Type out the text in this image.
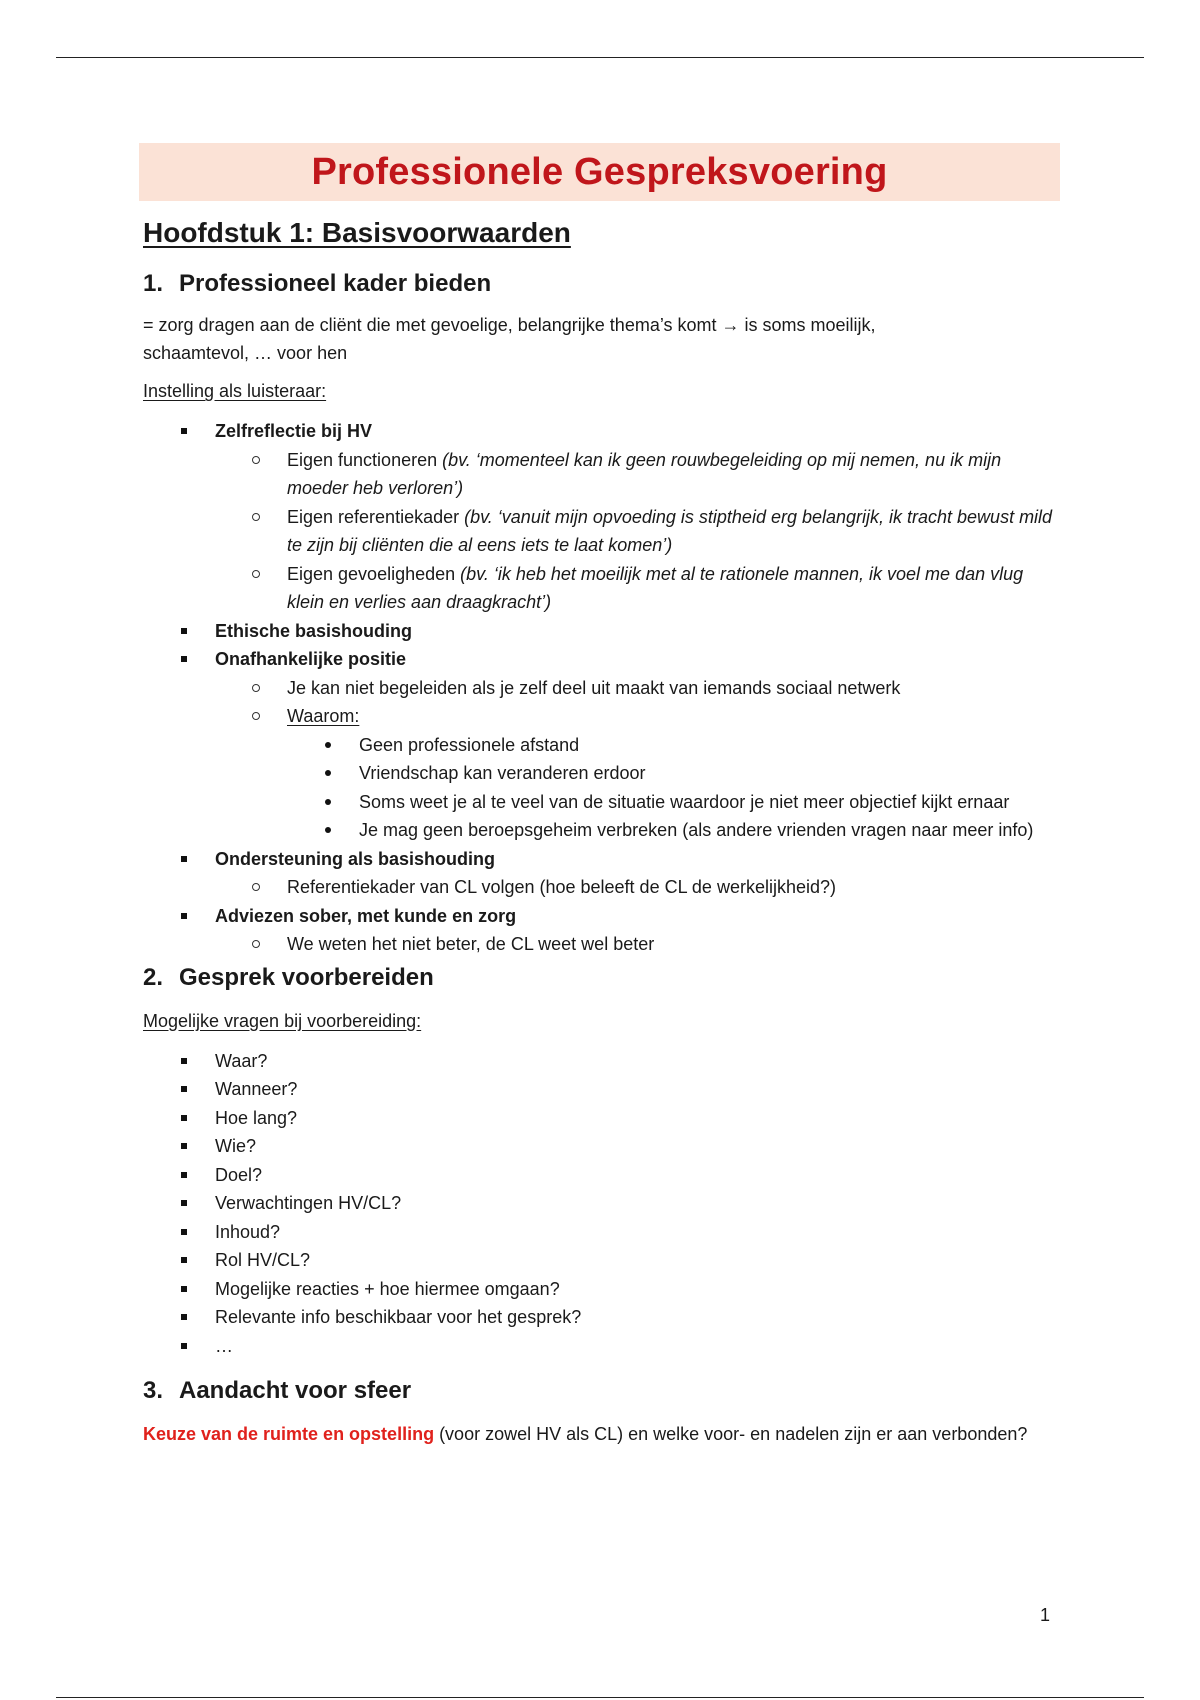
Professionele Gespreksvoering
Hoofdstuk 1: Basisvoorwaarden
1. Professioneel kader bieden

= zorg dragen aan de cliënt die met gevoelige, belangrijke thema’s komt → is soms moeilijk,
schaamtevol, … voor hen

Instelling als luisteraar:
Zelfreflectie bij HV
Eigen functioneren (bv. ‘momenteel kan ik geen rouwbegeleiding op mij nemen, nu ik mijn moeder heb verloren’)
Eigen referentiekader (bv. ‘vanuit mijn opvoeding is stiptheid erg belangrijk, ik tracht bewust mild te zijn bij cliënten die al eens iets te laat komen’)
Eigen gevoeligheden (bv. ‘ik heb het moeilijk met al te rationele mannen, ik voel me dan vlug klein en verlies aan draagkracht’)
Ethische basishouding
Onafhankelijke positie
Je kan niet begeleiden als je zelf deel uit maakt van iemands sociaal netwerk
Waarom:
Geen professionele afstand
Vriendschap kan veranderen erdoor
Soms weet je al te veel van de situatie waardoor je niet meer objectief kijkt ernaar
Je mag geen beroepsgeheim verbreken (als andere vrienden vragen naar meer info)
Ondersteuning als basishouding
Referentiekader van CL volgen (hoe beleeft de CL de werkelijkheid?)
Adviezen sober, met kunde en zorg
We weten het niet beter, de CL weet wel beter
2. Gesprek voorbereiden
Mogelijke vragen bij voorbereiding:
Waar?
Wanneer?
Hoe lang?
Wie?
Doel?
Verwachtingen HV/CL?
Inhoud?
Rol HV/CL?
Mogelijke reacties + hoe hiermee omgaan?
Relevante info beschikbaar voor het gesprek?
…
3. Aandacht voor sfeer

Keuze van de ruimte en opstelling (voor zowel HV als CL) en welke voor- en nadelen zijn er aan verbonden?

1
